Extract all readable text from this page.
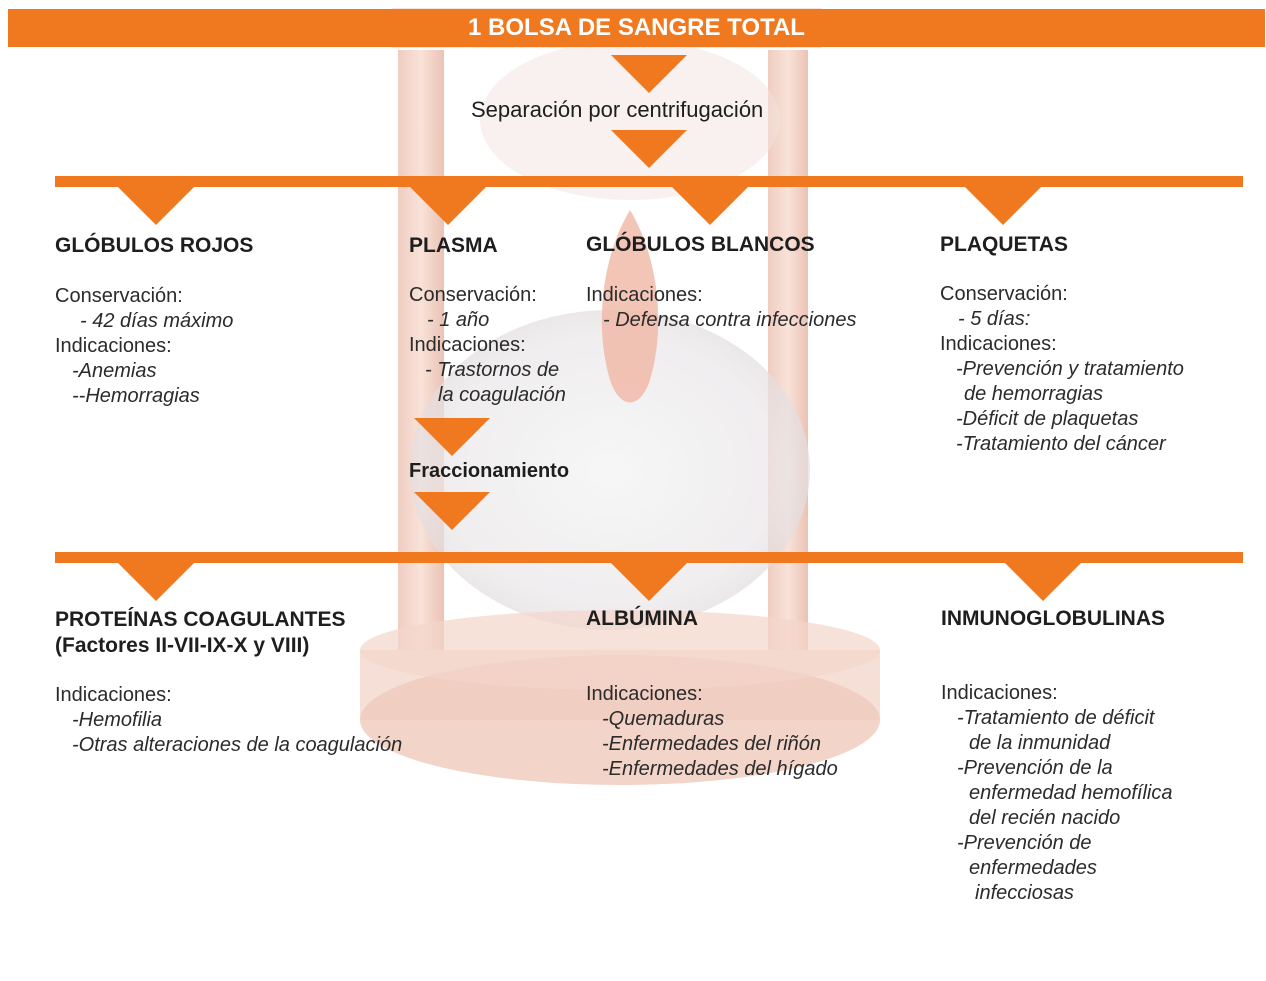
1 BOLSA DE SANGRE TOTAL
Separación por centrifugación
GLÓBULOS ROJOS
Conservación:
- 42 días máximo
Indicaciones:
-Anemias
--Hemorragias
PLASMA
Conservación:
- 1 año
Indicaciones:
- Trastornos de
la coagulación
Fraccionamiento
GLÓBULOS BLANCOS
Indicaciones:
- Defensa contra infecciones
PLAQUETAS
Conservación:
- 5 días:
Indicaciones:
-Prevención y tratamiento
de hemorragias
-Déficit de plaquetas
-Tratamiento del cáncer
PROTEÍNAS COAGULANTES
(Factores II-VII-IX-X y VIII)
Indicaciones:
-Hemofilia
-Otras alteraciones de la coagulación
ALBÚMINA
Indicaciones:
-Quemaduras
-Enfermedades del riñón
-Enfermedades del hígado
INMUNOGLOBULINAS
Indicaciones:
-Tratamiento de déficit
de la inmunidad
-Prevención de la
enfermedad hemofílica
del recién nacido
-Prevención de
enfermedades
infecciosas
